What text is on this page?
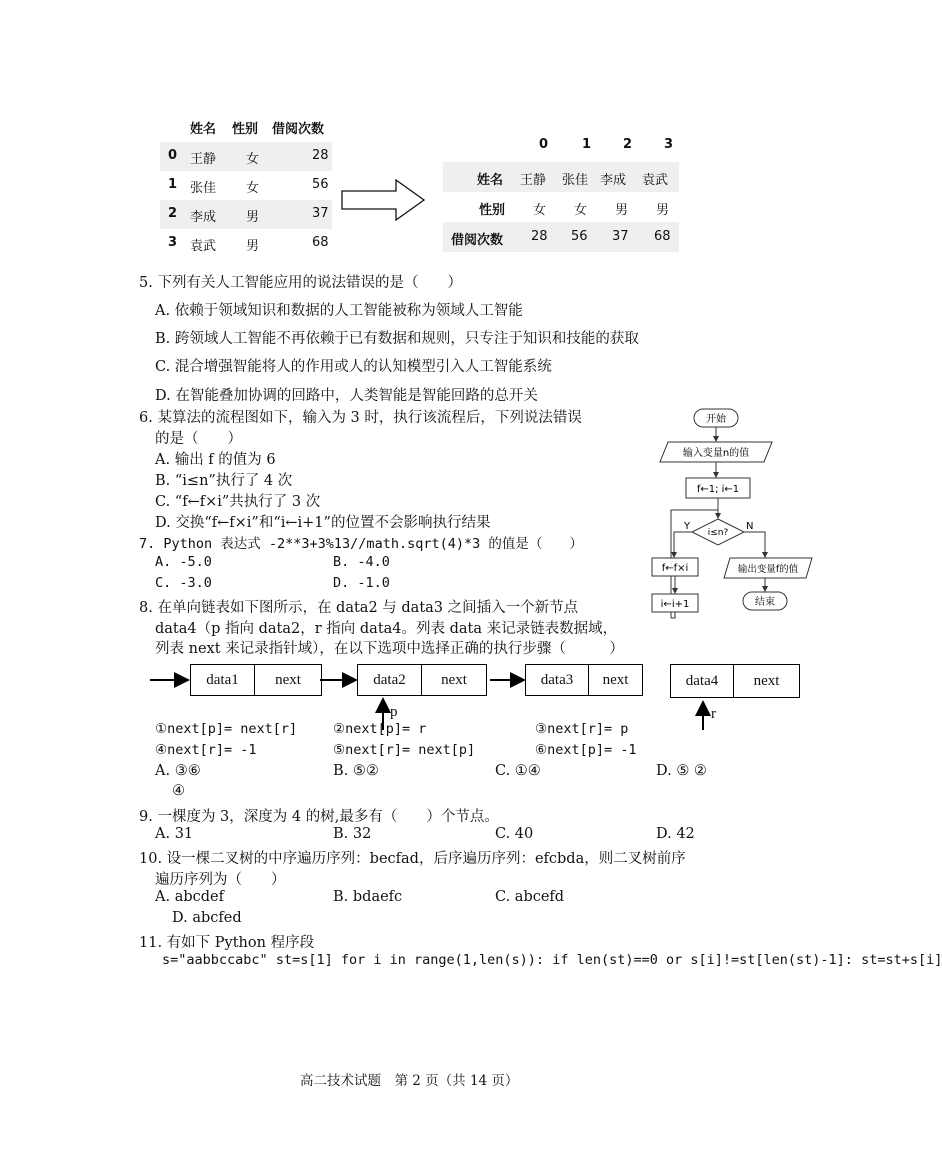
姓名 性别 借阅次数
0 王静 女	28
1 张佳 女	56
2 李成 男	37
3 袁武 男	68
0	1 2 3
姓名 王静 张佳 李成 袁武
性别 女 女 男 男
借阅次数 28 56 37 68
5. 下列有关人工智能应用的说法错误的是（　　）
A. 依赖于领域知识和数据的人工智能被称为领域人工智能
B. 跨领域人工智能不再依赖于已有数据和规则，只专注于知识和技能的获取
C. 混合增强智能将人的作用或人的认知模型引入人工智能系统
D. 在智能叠加协调的回路中，人类智能是智能回路的总开关
6. 某算法的流程图如下，输入为 3 时，执行该流程后，下列说法错误
的是（　　）
A. 输出 f 的值为 6
B. “i≤n”执行了 4 次
C. “f←f×i”共执行了 3 次
D. 交换“f←f×i”和“i←i+1”的位置不会影响执行结果
开始
输入变量n的值
f←1; i←1
i≤n?
Y	N
f←f×i
i←i+1
输出变量f的值
结束
7. Python 表达式 -2**3+3%13//math.sqrt(4)*3 的值是（　　）
A. -5.0	B. -4.0
C. -3.0	D. -1.0
8. 在单向链表如下图所示，在 data2 与 data3 之间插入一个新节点
data4（p 指向 data2，r 指向 data4。列表 data 来记录链表数据域，
列表 next 来记录指针域），在以下选项中选择正确的执行步骤（　　　）
data1	next	data2	next	data3	next	data4	next
p	r
①next[p]= next[r]	②next[p]= r	③next[r]= p
④next[r]= -1	⑤next[r]= next[p]	⑥next[p]= -1
A. ③⑥	B. ⑤②	C. ①④	D. ⑤ ②
④
9. 一棵度为 3，深度为 4 的树,最多有（　　）个节点。
A. 31	B. 32	C. 40	D. 42
10. 设一棵二叉树的中序遍历序列：becfad，后序遍历序列：efcbda，则二叉树前序
遍历序列为（　　）
A. abcdef	B. bdaefc	C. abcefd
D. abcfed
11. 有如下 Python 程序段
s="aabbccabc" st=s[1] for i in range(1,len(s)): if len(st)==0 or s[i]!=st[len(st)-1]: st=st+s[i]
高二技术试题　第 2 页（共 14 页）
